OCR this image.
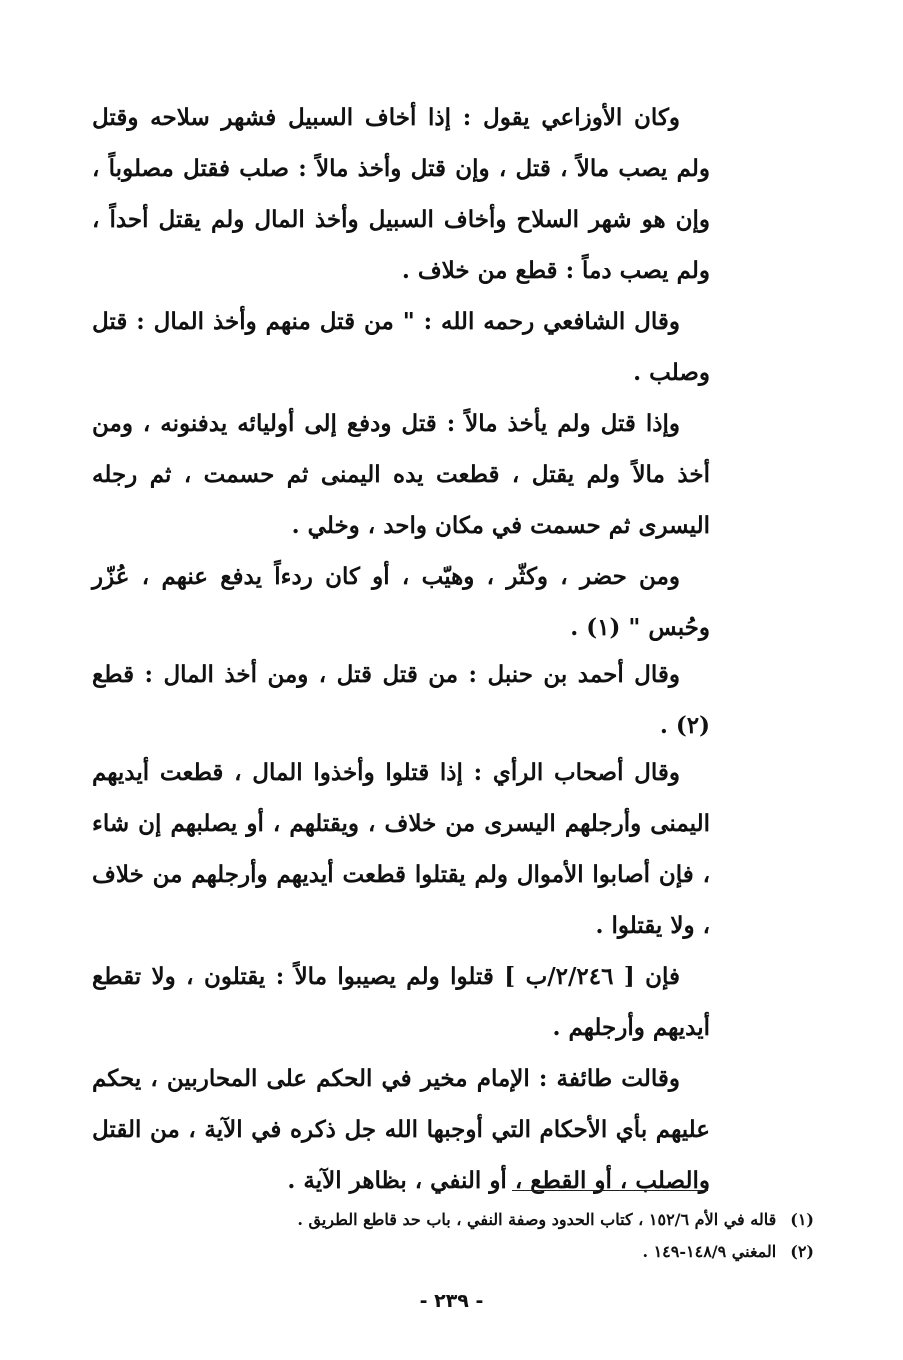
وكان الأوزاعي يقول : إذا أخاف السبيل فشهر سلاحه وقتل ولم يصب مالاً ، قتل ، وإن قتل وأخذ مالاً : صلب فقتل مصلوباً ، وإن هو شهر السلاح وأخاف السبيل وأخذ المال ولم يقتل أحداً ، ولم يصب دماً : قطع من خلاف .

وقال الشافعي رحمه الله : " من قتل منهم وأخذ المال : قتل وصلب .

وإذا قتل ولم يأخذ مالاً : قتل ودفع إلى أوليائه يدفنونه ، ومن أخذ مالاً ولم يقتل ، قطعت يده اليمنى ثم حسمت ، ثم رجله اليسرى ثم حسمت في مكان واحد ، وخلي .

ومن حضر ، وكثّر ، وهيّب ، أو كان ردءاً يدفع عنهم ، عُزّر وحُبس " (١) .

وقال أحمد بن حنبل : من قتل قتل ، ومن أخذ المال : قطع (٢) .

وقال أصحاب الرأي : إذا قتلوا وأخذوا المال ، قطعت أيديهم اليمنى وأرجلهم اليسرى من خلاف ، ويقتلهم ، أو يصلبهم إن شاء ، فإن أصابوا الأموال ولم يقتلوا قطعت أيديهم وأرجلهم من خلاف ، ولا يقتلوا .

فإن [ ٢/٢٤٦/ب ] قتلوا ولم يصيبوا مالاً : يقتلون ، ولا تقطع أيديهم وأرجلهم .

وقالت طائفة : الإمام مخير في الحكم على المحاربين ، يحكم عليهم بأي الأحكام التي أوجبها الله جل ذكره في الآية ، من القتل والصلب ، أو القطع ، أو النفي ، بظاهر الآية .

(١)قاله في الأم ١٥٢/٦ ، كتاب الحدود وصفة النفي ، باب حد قاطع الطريق .

(٢)المغني ١٤٨/٩-١٤٩ .

- ٢٣٩ -
